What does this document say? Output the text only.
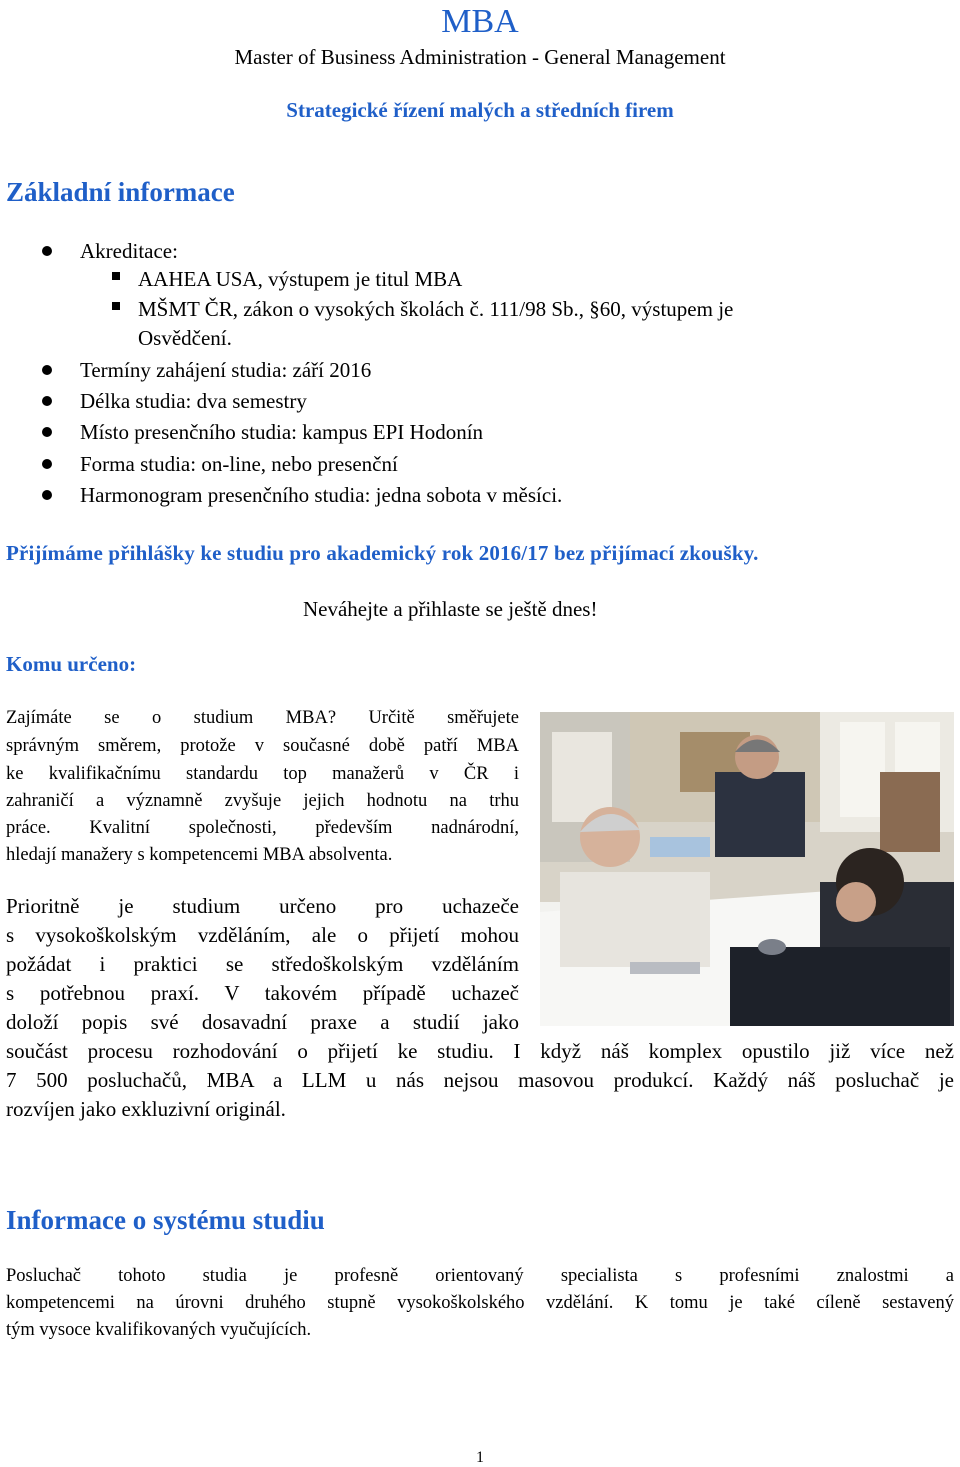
MBA
Master of Business Administration - General Management
Strategické řízení malých a středních firem
Základní informace
Akreditace:
AAHEA USA, výstupem je titul MBA
MŠMT ČR, zákon o vysokých školách č. 111/98 Sb., §60, výstupem je
Osvědčení.
Termíny zahájení studia: září 2016
Délka studia: dva semestry
Místo presenčního studia: kampus EPI Hodonín
Forma studia: on-line, nebo presenční
Harmonogram presenčního studia: jedna sobota v měsíci.
Přijímáme přihlášky ke studiu pro akademický rok 2016/17 bez přijímací zkoušky.
Neváhejte a přihlaste se ještě dnes!
Komu určeno:
Zajímáte se o studium MBA? Určitě směřujete
správným směrem, protože v současné době patří MBA
ke kvalifikačnímu standardu top manažerů v ČR i
zahraničí a významně zvyšuje jejich hodnotu na trhu
práce. Kvalitní společnosti, především nadnárodní,
hledají manažery s kompetencemi MBA absolventa.
Prioritně je studium určeno pro uchazeče
s vysokoškolským vzděláním, ale o přijetí mohou
požádat i praktici se středoškolským vzděláním
s potřebnou praxí. V takovém případě uchazeč
doloží popis své dosavadní praxe a studií jako
součást procesu rozhodování o přijetí ke studiu. I když náš komplex opustilo již více než
7 500 posluchačů, MBA a LLM u nás nejsou masovou produkcí. Každý náš posluchač je
rozvíjen jako exkluzivní originál.
Informace o systému studiu
Posluchač tohoto studia je profesně orientovaný specialista s profesními znalostmi a
kompetencemi na úrovni druhého stupně vysokoškolského vzdělání. K tomu je také cíleně sestavený
tým vysoce kvalifikovaných vyučujících.
1
